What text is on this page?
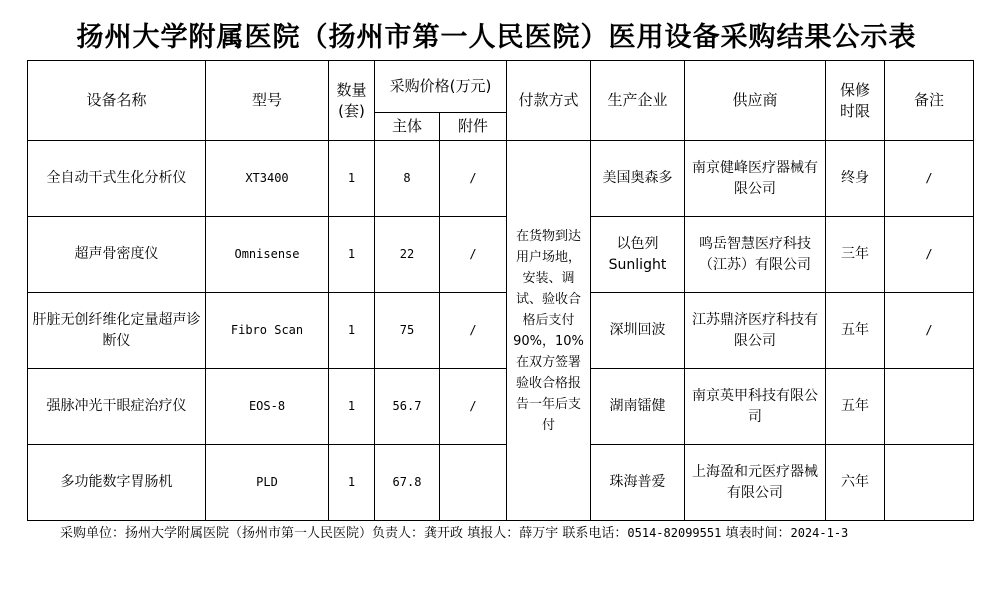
扬州大学附属医院（扬州市第一人民医院）医用设备采购结果公示表
设备名称	型号	数量(套)	采购价格(万元)		付款方式	生产企业	供应商	保修时限	备注
			主体	附件					
全自动干式生化分析仪	XT3400	1	8	/	在货物到达用户场地，安装、调试、验收合格后支付90%，10%在双方签署验收合格报告一年后支付	美国奥森多	南京健峰医疗器械有限公司	终身	/
超声骨密度仪	Omnisense	1	22	/		以色列 Sunlight	鸣岳智慧医疗科技（江苏）有限公司	三年	/
肝脏无创纤维化定量超声诊断仪	Fibro Scan	1	75	/		深圳回波	江苏鼎济医疗科技有限公司	五年	/
强脉冲光干眼症治疗仪	EOS-8	1	56.7	/		湖南镭健	南京英甲科技有限公司	五年	
多功能数字胃肠机	PLD	1	67.8			珠海普爱	上海盈和元医疗器械有限公司	六年	
采购单位：扬州大学附属医院（扬州市第一人民医院）负责人：龚开政 填报人：薛万宇 联系电话：0514-82099551 填表时间：2024-1-3
